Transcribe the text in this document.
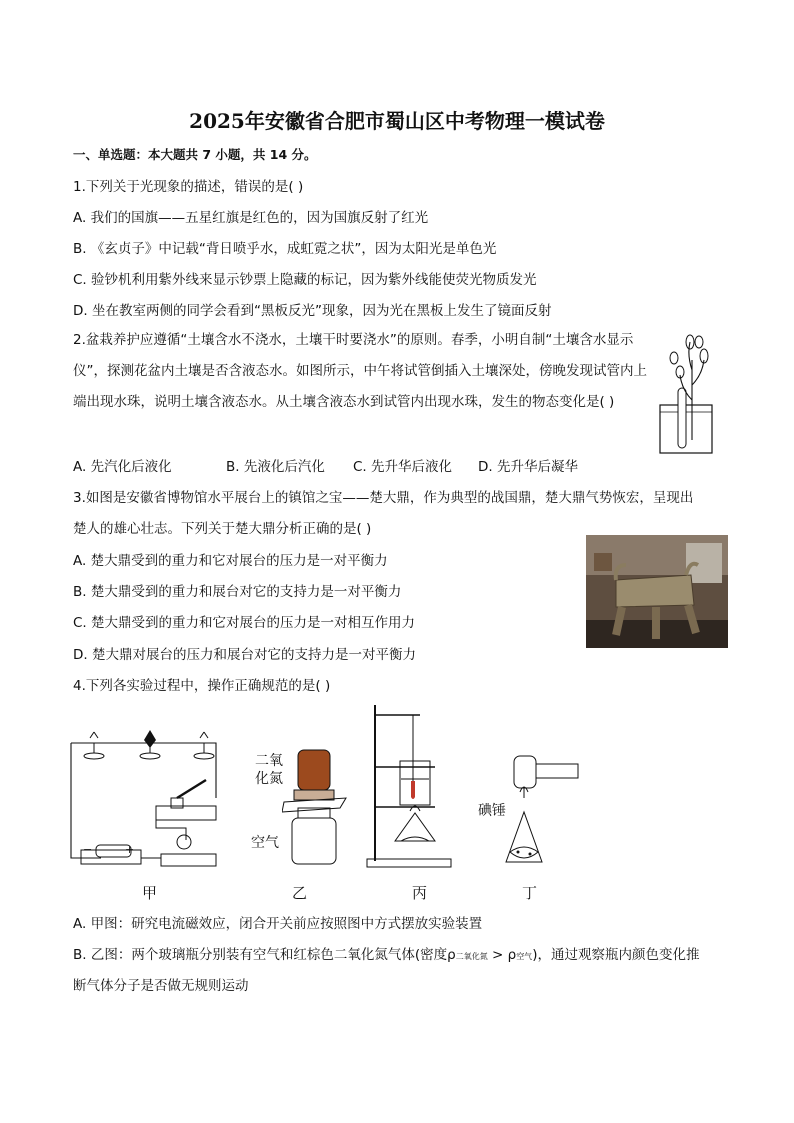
2025年安徽省合肥市蜀山区中考物理一模试卷
一、单选题：本大题共 7 小题，共 14 分。
1.下列关于光现象的描述，错误的是( )
A. 我们的国旗——五星红旗是红色的，因为国旗反射了红光
B. 《玄贞子》中记载“背日喷乎水，成虹霓之状”，因为太阳光是单色光
C. 验钞机利用紫外线来显示钞票上隐藏的标记，因为紫外线能使荧光物质发光
D. 坐在教室两侧的同学会看到“黑板反光”现象，因为光在黑板上发生了镜面反射
2.盆栽养护应遵循“土壤含水不浇水，土壤干时要浇水”的原则。春季，小明自制“土壤含水显示仪”，探测花盆内土壤是否含液态水。如图所示，中午将试管倒插入土壤深处，傍晚发现试管内上端出现水珠，说明土壤含液态水。从土壤含液态水到试管内出现水珠，发生的物态变化是( )
A. 先汽化后液化	B. 先液化后汽化 C. 先升华后液化 D. 先升华后凝华
3.如图是安徽省博物馆水平展台上的镇馆之宝——楚大鼎，作为典型的战国鼎，楚大鼎气势恢宏，呈现出
楚人的雄心壮志。下列关于楚大鼎分析正确的是( )
A. 楚大鼎受到的重力和它对展台的压力是一对平衡力
B. 楚大鼎受到的重力和展台对它的支持力是一对平衡力
C. 楚大鼎受到的重力和它对展台的压力是一对相互作用力
D. 楚大鼎对展台的压力和展台对它的支持力是一对平衡力
4.下列各实验过程中，操作正确规范的是( )
−	+
二氧
化氮
空气
碘锤
甲	乙	丙	丁
A. 甲图：研究电流磁效应，闭合开关前应按照图中方式摆放实验装置
B. 乙图：两个玻璃瓶分别装有空气和红棕色二氧化氮气体(密度ρ二氧化氮 > ρ空气)，通过观察瓶内颜色变化推
断气体分子是否做无规则运动
